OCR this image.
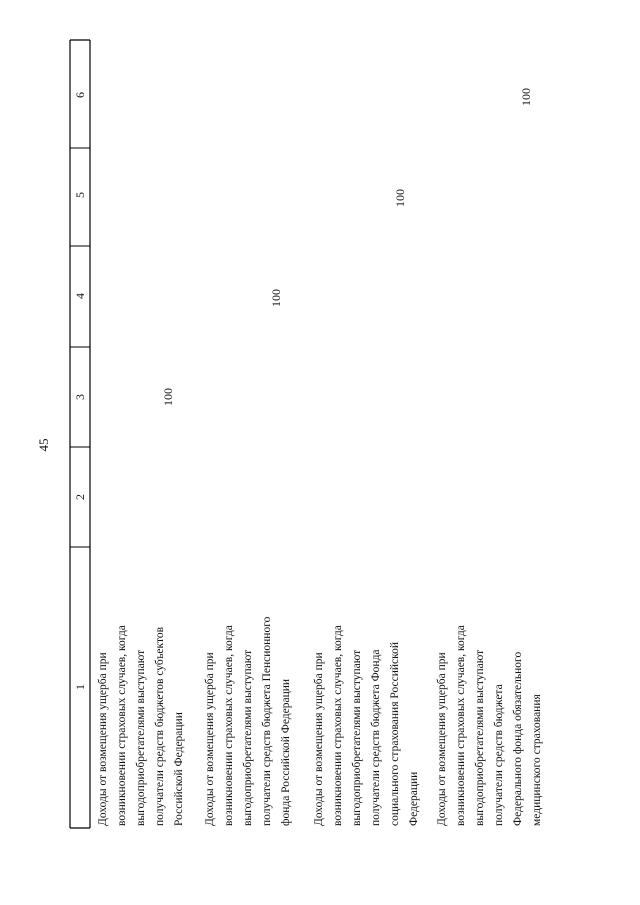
45
1
2
3
4
5
6
Доходы от возмещения ущерба при возникновении страховых случаев, когда выгодоприобретателями выступают получатели средств бюджетов субъектов Российской Федерации
100
Доходы от возмещения ущерба при возникновении страховых случаев, когда выгодоприобретателями выступают получатели средств бюджета Пенсионного фонда Российской Федерации
100
Доходы от возмещения ущерба при возникновении страховых случаев, когда выгодоприобретателями выступают получатели средств бюджета Фонда социального страхования Российской Федерации
100
Доходы от возмещения ущерба при возникновении страховых случаев, когда выгодоприобретателями выступают получатели средств бюджета Федерального фонда обязательного медицинского страхования
100
